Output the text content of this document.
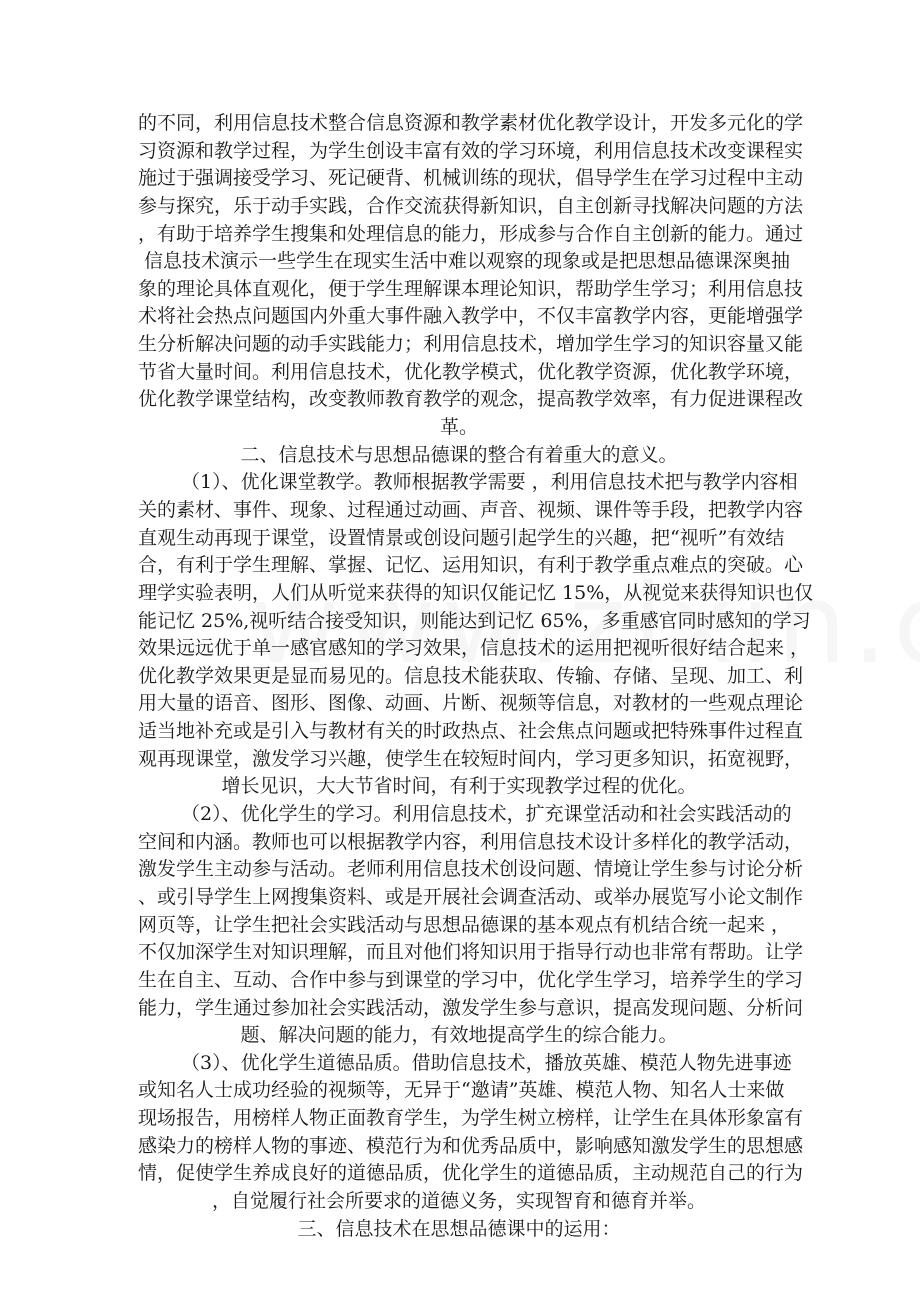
的不同，利用信息技术整合信息资源和教学素材优化教学设计，开发多元化的学
习资源和教学过程，为学生创设丰富有效的学习环境，利用信息技术改变课程实
施过于强调接受学习、死记硬背、机械训练的现状，倡导学生在学习过程中主动
参与探究，乐于动手实践，合作交流获得新知识，自主创新寻找解决问题的方法
，有助于培养学生搜集和处理信息的能力，形成参与合作自主创新的能力。通过
信息技术演示一些学生在现实生活中难以观察的现象或是把思想品德课深奥抽
象的理论具体直观化，便于学生理解课本理论知识，帮助学生学习；利用信息技
术将社会热点问题国内外重大事件融入教学中，不仅丰富教学内容，更能增强学
生分析解决问题的动手实践能力；利用信息技术，增加学生学习的知识容量又能
节省大量时间。利用信息技术，优化教学模式，优化教学资源，优化教学环境，
优化教学课堂结构，改变教师教育教学的观念，提高教学效率，有力促进课程改
革。
二、信息技术与思想品德课的整合有着重大的意义。
（1）、优化课堂教学。教师根据教学需要 ，利用信息技术把与教学内容相
关的素材、事件、现象、过程通过动画、声音、视频、课件等手段，把教学内容
直观生动再现于课堂，设置情景或创设问题引起学生的兴趣，把“视听”有效结
合，有利于学生理解、掌握、记忆、运用知识，有利于教学重点难点的突破。心
理学实验表明，人们从听觉来获得的知识仅能记忆 15%，从视觉来获得知识也仅
能记忆 25%,视听结合接受知识，则能达到记忆 65%，多重感官同时感知的学习
效果远远优于单一感官感知的学习效果，信息技术的运用把视听很好结合起来 ，
优化教学效果更是显而易见的。信息技术能获取、传输、存储、呈现、加工、利
用大量的语音、图形、图像、动画、片断、视频等信息，对教材的一些观点理论
适当地补充或是引入与教材有关的时政热点、社会焦点问题或把特殊事件过程直
观再现课堂，激发学习兴趣，使学生在较短时间内，学习更多知识，拓宽视野，
增长见识，大大节省时间，有利于实现教学过程的优化。
（2）、优化学生的学习。利用信息技术，扩充课堂活动和社会实践活动的
空间和内涵。教师也可以根据教学内容，利用信息技术设计多样化的教学活动，
激发学生主动参与活动。老师利用信息技术创设问题、情境让学生参与讨论分析
、或引导学生上网搜集资料、或是开展社会调查活动、或举办展览写小论文制作
网页等，让学生把社会实践活动与思想品德课的基本观点有机结合统一起来 ，
不仅加深学生对知识理解，而且对他们将知识用于指导行动也非常有帮助。让学
生在自主、互动、合作中参与到课堂的学习中，优化学生学习，培养学生的学习
能力，学生通过参加社会实践活动，激发学生参与意识，提高发现问题、分析问
题、解决问题的能力，有效地提高学生的综合能力。
（3）、优化学生道德品质。借助信息技术，播放英雄、模范人物先进事迹
或知名人士成功经验的视频等，无异于“邀请”英雄、模范人物、知名人士来做
现场报告，用榜样人物正面教育学生，为学生树立榜样，让学生在具体形象富有
感染力的榜样人物的事迹、模范行为和优秀品质中，影响感知激发学生的思想感
情，促使学生养成良好的道德品质，优化学生的道德品质，主动规范自己的行为
，自觉履行社会所要求的道德义务，实现智育和德育并举。
三、信息技术在思想品德课中的运用：
